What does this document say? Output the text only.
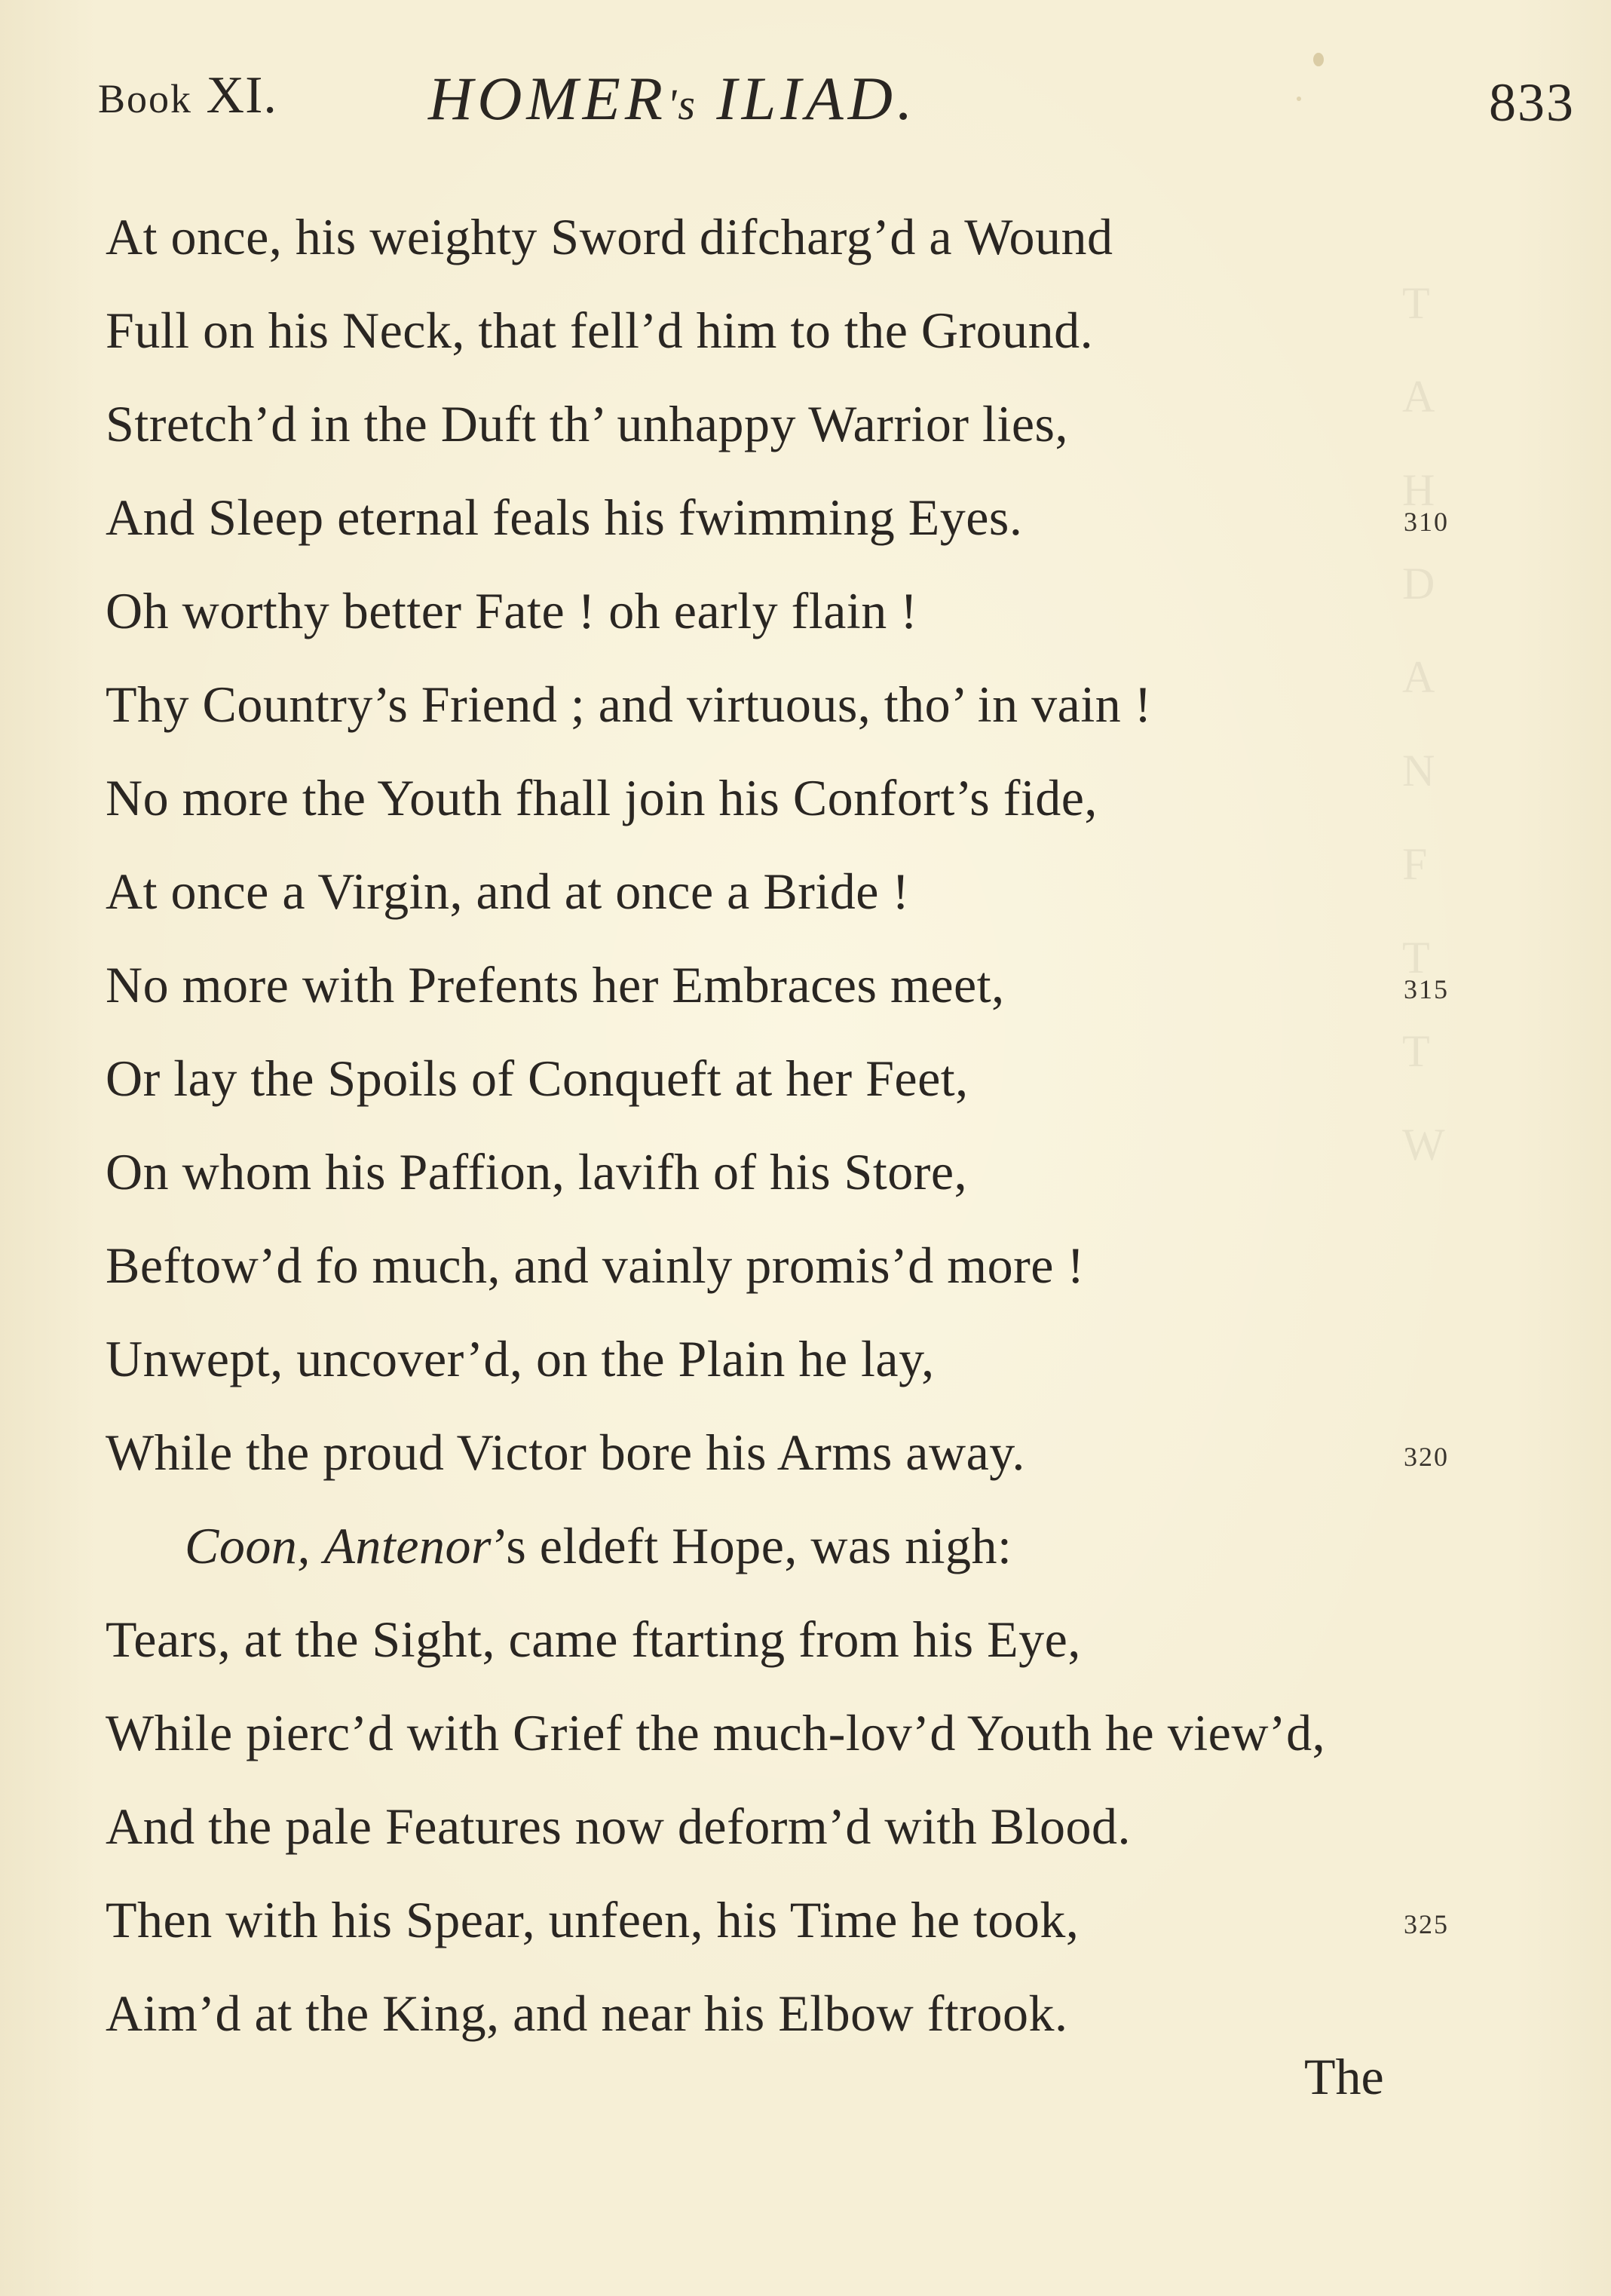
T
A
H
D
A
N
F
T
T
W
Book XI. HOMER's ILIAD.	833
At once, his weighty Sword difcharg’d a Wound
Full on his Neck, that fell’d him to the Ground.
Stretch’d in the Duft th’ unhappy Warrior lies,
And Sleep eternal feals his fwimming Eyes.	310
Oh worthy better Fate ! oh early flain !
Thy Country’s Friend ; and virtuous, tho’ in vain !
No more the Youth fhall join his Confort’s fide,
At once a Virgin, and at once a Bride !
No more with Prefents her Embraces meet,	315
Or lay the Spoils of Conqueft at her Feet,
On whom his Paffion, lavifh of his Store,
Beftow’d fo much, and vainly promis’d more !
Unwept, uncover’d, on the Plain he lay,
While the proud Victor bore his Arms away.	320
Coon, Antenor’s eldeft Hope, was nigh:
Tears, at the Sight, came ftarting from his Eye,
While pierc’d with Grief the much-lov’d Youth he view’d,
And the pale Features now deform’d with Blood.
Then with his Spear, unfeen, his Time he took,	325
Aim’d at the King, and near his Elbow ftrook.
The
